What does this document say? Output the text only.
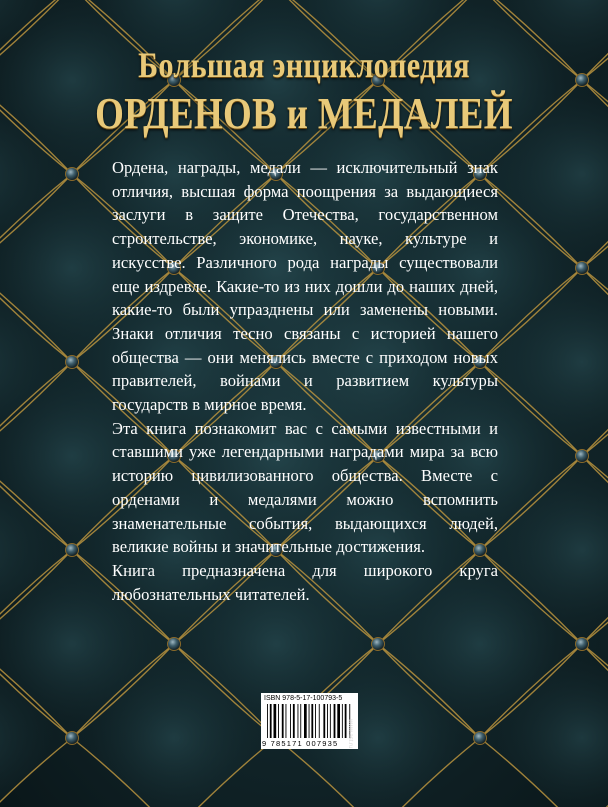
Большая энциклопедия
ОРДЕНОВ и МЕДАЛЕЙ

Ордена, награды, медали — исключительный знак отличия, высшая форма поощрения за выдающиеся заслуги в защите Отечества, государственном строительстве, экономике, науке, культуре и искусстве. Различного рода награды существовали еще издревле. Какие-то из них дошли до наших дней, какие-то были упразднены или заменены новыми. Знаки отличия тесно связаны с историей нашего общества — они менялись вместе с приходом новых правителей, войнами и развитием культуры государств в мирное время.

Эта книга познакомит вас с самыми известными и ставшими уже легендарными наградами мира за всю историю цивилизованного общества. Вместе с орденами и медалями можно вспомнить знаменательные события, выдающихся людей, великие войны и значительные достижения.

Книга предназначена для широкого круга любознательных читателей.

ISBN 978-5-17-100793-5
9 785171 007935	www.ast.ru
